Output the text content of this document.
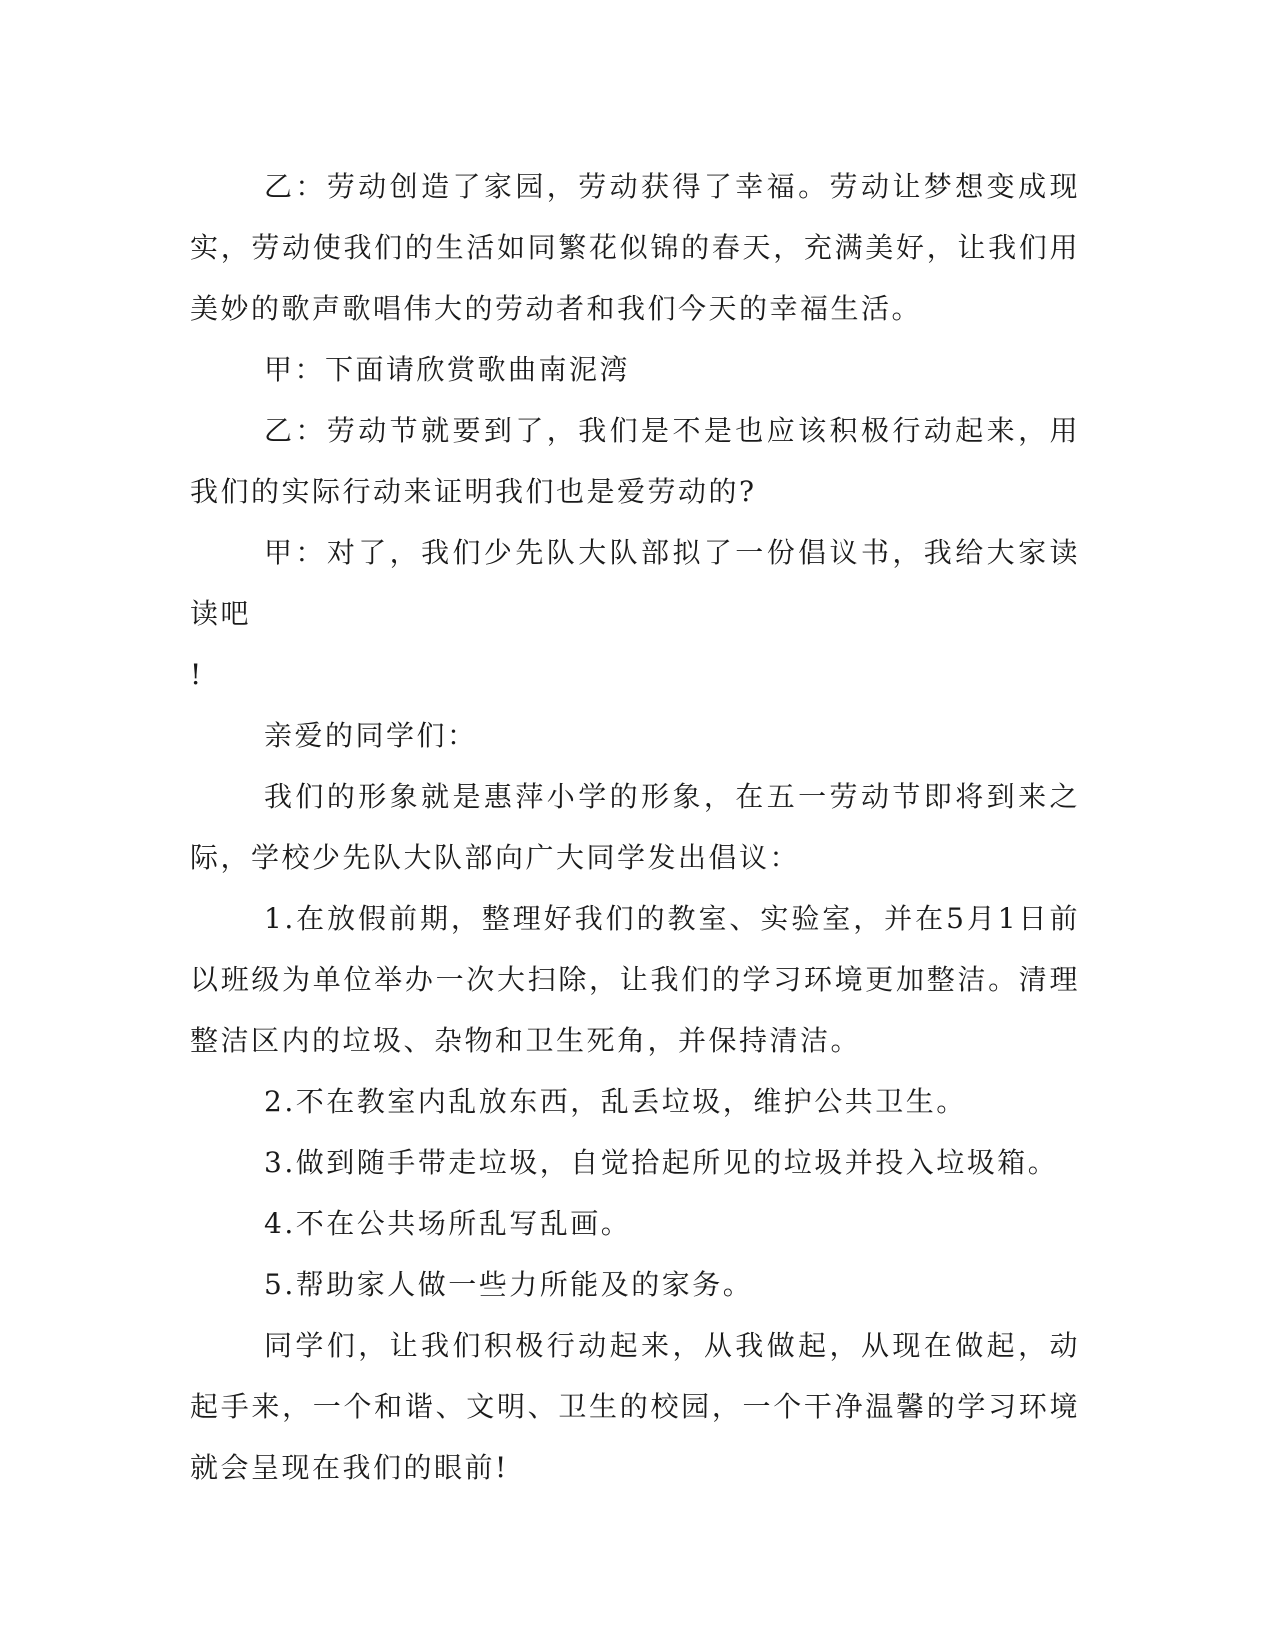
乙：劳动创造了家园，劳动获得了幸福。劳动让梦想变成现实，劳动使我们的生活如同繁花似锦的春天，充满美好，让我们用美妙的歌声歌唱伟大的劳动者和我们今天的幸福生活。

甲：下面请欣赏歌曲南泥湾

乙：劳动节就要到了，我们是不是也应该积极行动起来，用我们的实际行动来证明我们也是爱劳动的?

甲：对了，我们少先队大队部拟了一份倡议书，我给大家读读吧

!

亲爱的同学们：

我们的形象就是惠萍小学的形象，在五一劳动节即将到来之际，学校少先队大队部向广大同学发出倡议：

1.在放假前期，整理好我们的教室、实验室，并在5月1日前以班级为单位举办一次大扫除，让我们的学习环境更加整洁。清理整洁区内的垃圾、杂物和卫生死角，并保持清洁。

2.不在教室内乱放东西，乱丢垃圾，维护公共卫生。

3.做到随手带走垃圾，自觉拾起所见的垃圾并投入垃圾箱。

4.不在公共场所乱写乱画。

5.帮助家人做一些力所能及的家务。

同学们，让我们积极行动起来，从我做起，从现在做起，动起手来，一个和谐、文明、卫生的校园，一个干净温馨的学习环境就会呈现在我们的眼前!
